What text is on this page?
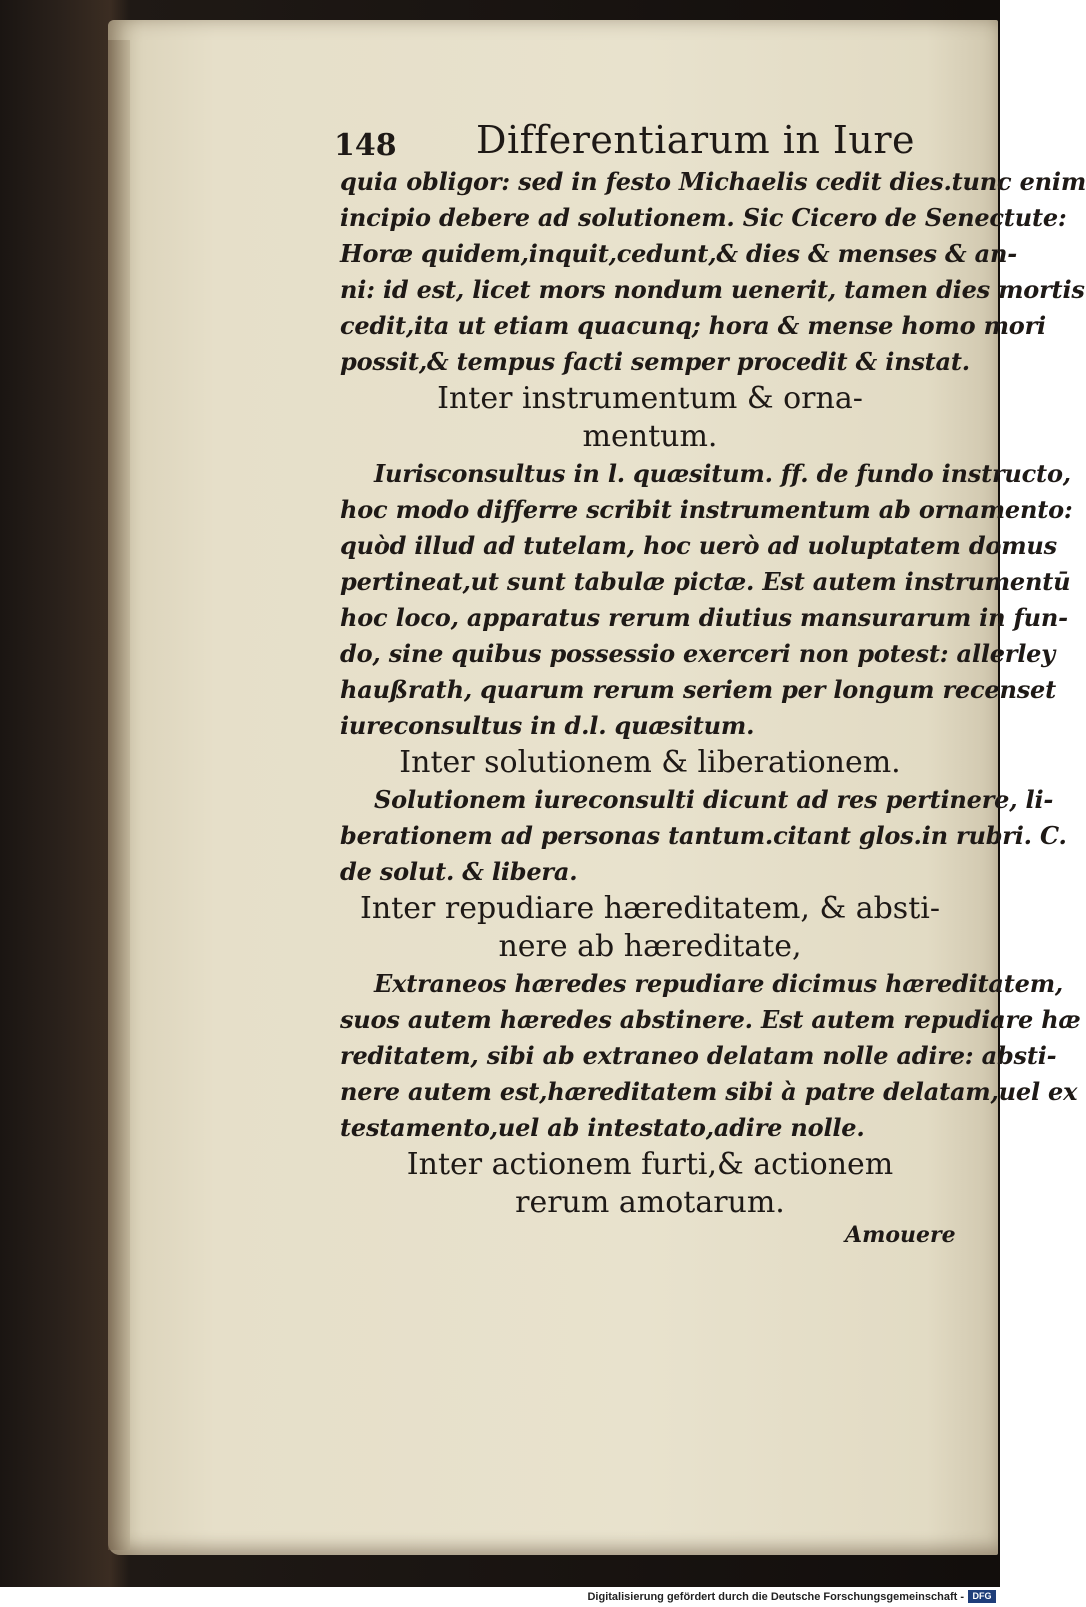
148 Differentiarum in Iure
quia obligor: sed in festo Michaelis cedit dies.tunc enim
incipio debere ad solutionem. Sic Cicero de Senectute:
Horæ quidem,inquit,cedunt,& dies & menses & an-
ni: id est, licet mors nondum uenerit, tamen dies mortis
cedit,ita ut etiam quacunq; hora & mense homo mori
possit,& tempus facti semper procedit & instat.
Inter instrumentum & orna-
mentum.
Iurisconsultus in l. quæsitum. ff. de fundo instructo,
hoc modo differre scribit instrumentum ab ornamento:
quòd illud ad tutelam, hoc uerò ad uoluptatem domus
pertineat,ut sunt tabulæ pictæ. Est autem instrumentū
hoc loco, apparatus rerum diutius mansurarum in fun-
do, sine quibus possessio exerceri non potest: allerley
haußrath, quarum rerum seriem per longum recenset
iureconsultus in d.l. quæsitum.
Inter solutionem & liberationem.
Solutionem iureconsulti dicunt ad res pertinere, li-
berationem ad personas tantum.citant glos.in rubri. C.
de solut. & libera.
Inter repudiare hæreditatem, & absti-
nere ab hæreditate,
Extraneos hæredes repudiare dicimus hæreditatem,
suos autem hæredes abstinere. Est autem repudiare hæ
reditatem, sibi ab extraneo delatam nolle adire: absti-
nere autem est,hæreditatem sibi à patre delatam,uel ex
testamento,uel ab intestato,adire nolle.
Inter actionem furti,& actionem
rerum amotarum.
Amouere
Digitalisierung gefördert durch die Deutsche Forschungsgemeinschaft - DFG
